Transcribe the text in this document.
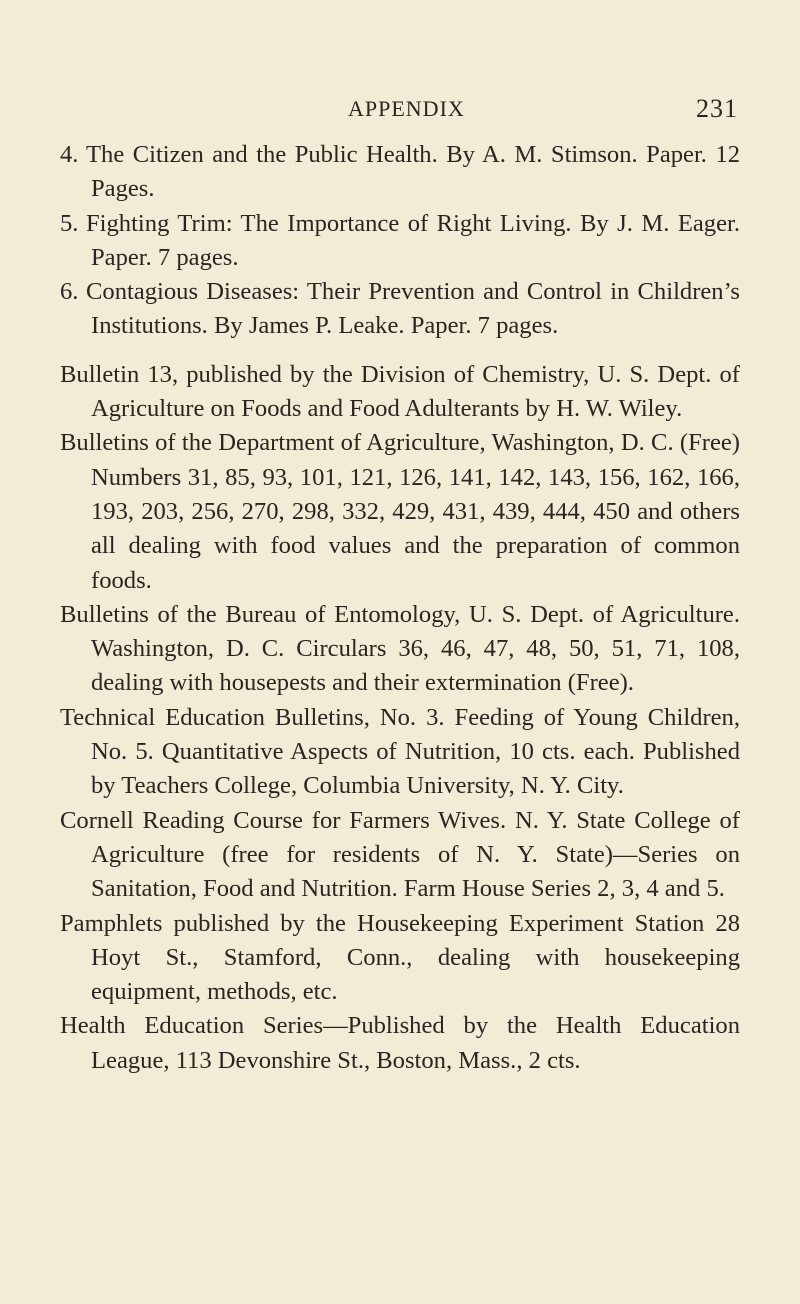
APPENDIX	231

4. The Citizen and the Public Health. By A. M. Stimson. Paper. 12 Pages.

5. Fighting Trim: The Importance of Right Living. By J. M. Eager. Paper. 7 pages.

6. Contagious Diseases: Their Prevention and Control in Children’s Institutions. By James P. Leake. Paper. 7 pages.

Bulletin 13, published by the Division of Chemistry, U. S. Dept. of Agriculture on Foods and Food Adulterants by H. W. Wiley.

Bulletins of the Department of Agriculture, Washington, D. C. (Free) Numbers 31, 85, 93, 101, 121, 126, 141, 142, 143, 156, 162, 166, 193, 203, 256, 270, 298, 332, 429, 431, 439, 444, 450 and others all dealing with food values and the preparation of common foods.

Bulletins of the Bureau of Entomology, U. S. Dept. of Agriculture. Washington, D. C. Circulars 36, 46, 47, 48, 50, 51, 71, 108, dealing with housepests and their extermination (Free).

Technical Education Bulletins, No. 3. Feeding of Young Children, No. 5. Quantitative Aspects of Nutrition, 10 cts. each. Published by Teachers College, Columbia University, N. Y. City.

Cornell Reading Course for Farmers Wives. N. Y. State College of Agriculture (free for residents of N. Y. State)—Series on Sanitation, Food and Nutrition. Farm House Series 2, 3, 4 and 5.

Pamphlets published by the Housekeeping Experiment Station 28 Hoyt St., Stamford, Conn., dealing with housekeeping equipment, methods, etc.

Health Education Series—Published by the Health Education League, 113 Devonshire St., Boston, Mass., 2 cts.
